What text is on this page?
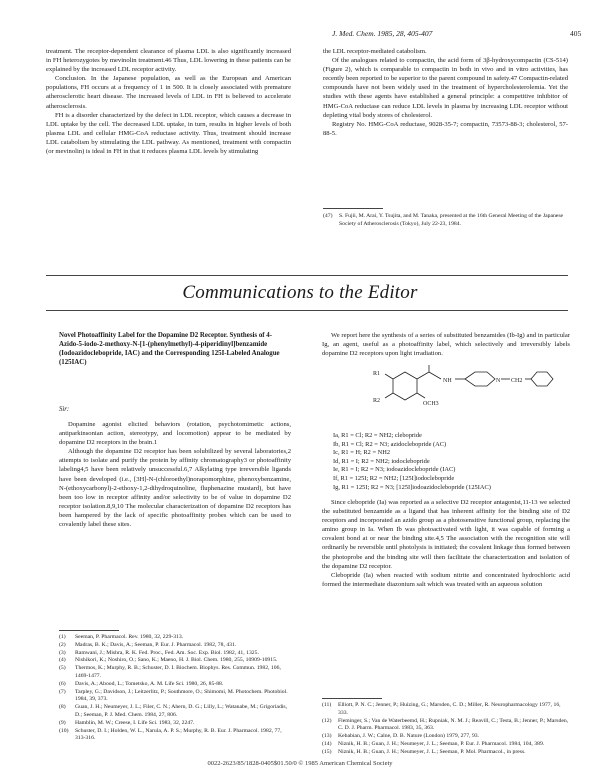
J. Med. Chem. 1985, 28, 405-407	405

treatment. The receptor-dependent clearance of plasma LDL is also significantly increased in FH heterozygotes by mevinolin treatment.46 Thus, LDL lowering in these patients can be explained by the increased LDL receptor activity.

Conclusion. In the Japanese population, as well as the European and American populations, FH occurs at a frequency of 1 in 500. It is closely associated with premature atherosclerotic heart disease. The increased levels of LDL in FH is believed to accelerate atherosclerosis.

FH is a disorder characterized by the defect in LDL receptor, which causes a decrease in LDL uptake by the cell. The decreased LDL uptake, in turn, results in higher levels of both plasma LDL and cellular HMG-CoA reductase activity. Thus, treatment should increase LDL catabolism by stimulating the LDL pathway. As mentioned, treatment with compactin (or mevinolin) is ideal in FH in that it reduces plasma LDL levels by stimulating

the LDL receptor-mediated catabolism.

Of the analogues related to compactin, the acid form of 3β-hydroxycompactin (CS-514) (Figure 2), which is comparable to compactin in both in vivo and in vitro activities, has recently been reported to be superior to the parent compound in safety.47 Compactin-related compounds have not been widely used in the treatment of hypercholesterolemia. Yet the studies with these agents have established a general principle: a competitive inhibitor of HMG-CoA reductase can reduce LDL levels in plasma by increasing LDL receptor without depleting vital body stores of cholesterol.

Registry No. HMG-CoA reductase, 9028-35-7; compactin, 73573-88-3; cholesterol, 57-88-5.

(47) S. Fujii, M. Arai, Y. Tsujita, and M. Tanaka, presented at the 16th General Meeting of the Japanese Society of Atherosclerosis (Tokyo), July 22-23, 1984.
Communications to the Editor
Novel Photoaffinity Label for the Dopamine D2 Receptor. Synthesis of 4-Azido-5-iodo-2-methoxy-N-[1-(phenylmethyl)-4-piperidinyl]benzamide (Iodoazidoclebopride, IAC) and the Corresponding 125I-Labeled Analogue (125IAC)
Sir:

Dopamine agonist elicited behaviors (rotation, psychotomimetic actions, antiparkinsonian action, stereotypy, and locomotion) appear to be mediated by dopamine D2 receptors in the brain.1

Although the dopamine D2 receptor has been solubilized by several laboratories,2 attempts to isolate and purify the protein by affinity chromatography3 or photoaffinity labeling4,5 have been relatively unsuccessful.6,7 Alkylating type irreversible ligands have been developed (i.e., [3H]-N-(chloroethyl)norapomorphine, phenoxybenzamine, N-(ethoxycarbonyl)-2-ethoxy-1,2-dihydroquinoline, fluphenazine mustard), but have been too low in receptor affinity and/or selectivity to be of value in dopamine D2 receptor isolation.8,9,10 The molecular characterization of dopamine D2 receptors has been hampered by the lack of specific photoaffinity probes which can be used to covalently label these sites.

(1) Seeman, P. Pharmacol. Rev. 1980, 32, 229-313.
(2) Madras, B. K.; Davis, A.; Seeman, P. Eur. J. Pharmacol. 1982, 78, 431.
(3) Ramwani, J.; Mishra, R. K. Fed. Proc., Fed. Am. Soc. Exp. Biol. 1982, 41, 1325.
(4) Nishikori, K.; Noshiro, O.; Sano, K.; Maeno, H. J. Biol. Chem. 1980, 255, 10909-10915.
(5) Thermos, K.; Murphy, R. B.; Schuster, D. I. Biochem. Biophys. Res. Commun. 1982, 106, 1469-1477.
(6) Davis, A.; Abood, L.; Tometsko, A. M. Life Sci. 1980, 26, 85-88.
(7) Tarpley, G.; Davidson, J.; Leitzerlitz, P.; Southmore, O.; Shimomi, M. Photochem. Photobiol. 1984, 39, 373.
(8) Guan, J. H.; Neumeyer, J. L.; Filer, C. N.; Ahern, D. G.; Lilly, L.; Watanabe, M.; Grigoriadis, D.; Seeman, P. J. Med. Chem. 1984, 27, 806.
(9) Hamblin, M. W.; Creese, I. Life Sci. 1983, 32, 2247.
(10) Schuster, D. I.; Holden, W. L., Narula, A. P. S.; Murphy, R. B. Eur. J. Pharmacol. 1982, 77, 313-316.

We report here the synthesis of a series of substituted benzamides (Ib-Ig) and in particular Ig, an agent, useful as a photoaffinity label, which selectively and irreversibly labels dopamine D2 receptors upon light irradiation.

R1
R2	OCH3
NH	N CH2
Ia, R1 = Cl; R2 = NH2; clebopride
Ib, R1 = Cl; R2 = N3; azidoclebopride (AC)
Ic, R1 = H; R2 = NH2
Id, R1 = I; R2 = NH2; iodoclebopride
Ie, R1 = I; R2 = N3; iodoazidoclebopride (IAC)
If, R1 = 125I; R2 = NH2; [125I]iodoclebopride
Ig, R1 = 125I; R2 = N3; [125I]iodoazidoclebopride (125IAC)

Since clebopride (Ia) was reported as a selective D2 receptor antagonist,11-13 we selected the substituted benzamide as a ligand that has inherent affinity for the binding site of D2 receptors and incorporated an azido group as a photosensitive functional group, replacing the amino group in Ia. When Ib was photoactivated with light, it was capable of forming a covalent bond at or near the binding site.4,5 The association with the recognition site will ordinarily be reversible until photolysis is initiated; the covalent linkage thus formed between the photoprobe and the binding site will then facilitate the characterization and isolation of the dopamine D2 receptor.

Clebopride (Ia) when reacted with sodium nitrite and concentrated hydrochloric acid formed the intermediate diazonium salt which was treated with an aqueous solution

(11) Elliott, P. N. C.; Jenner, P.; Huizing, G.; Marsden, C. D.; Miller, R. Neuropharmacology 1977, 16, 333.
(12) Fleminger, S.; Van de Waterbeemd, H.; Rupniak, N. M. J.; Reavill, C.; Testa, B.; Jenner, P.; Marsden, C. D. J. Pharm. Pharmacol. 1983, 35, 363.
(13) Kebabian, J. W.; Calne, D. B. Nature (London) 1979, 277, 93.
(14) Niznik, H. B.; Guan, J. H.; Neumeyer, J. L.; Seeman, P. Eur. J. Pharmacol. 1984, 104, 389.
(15) Niznik, H. B.; Guan, J. H.; Neumeyer, J. L.; Seeman, P. Mol. Pharmacol., in press.
0022-2623/85/1828-0405$01.50/0 © 1985 American Chemical Society
